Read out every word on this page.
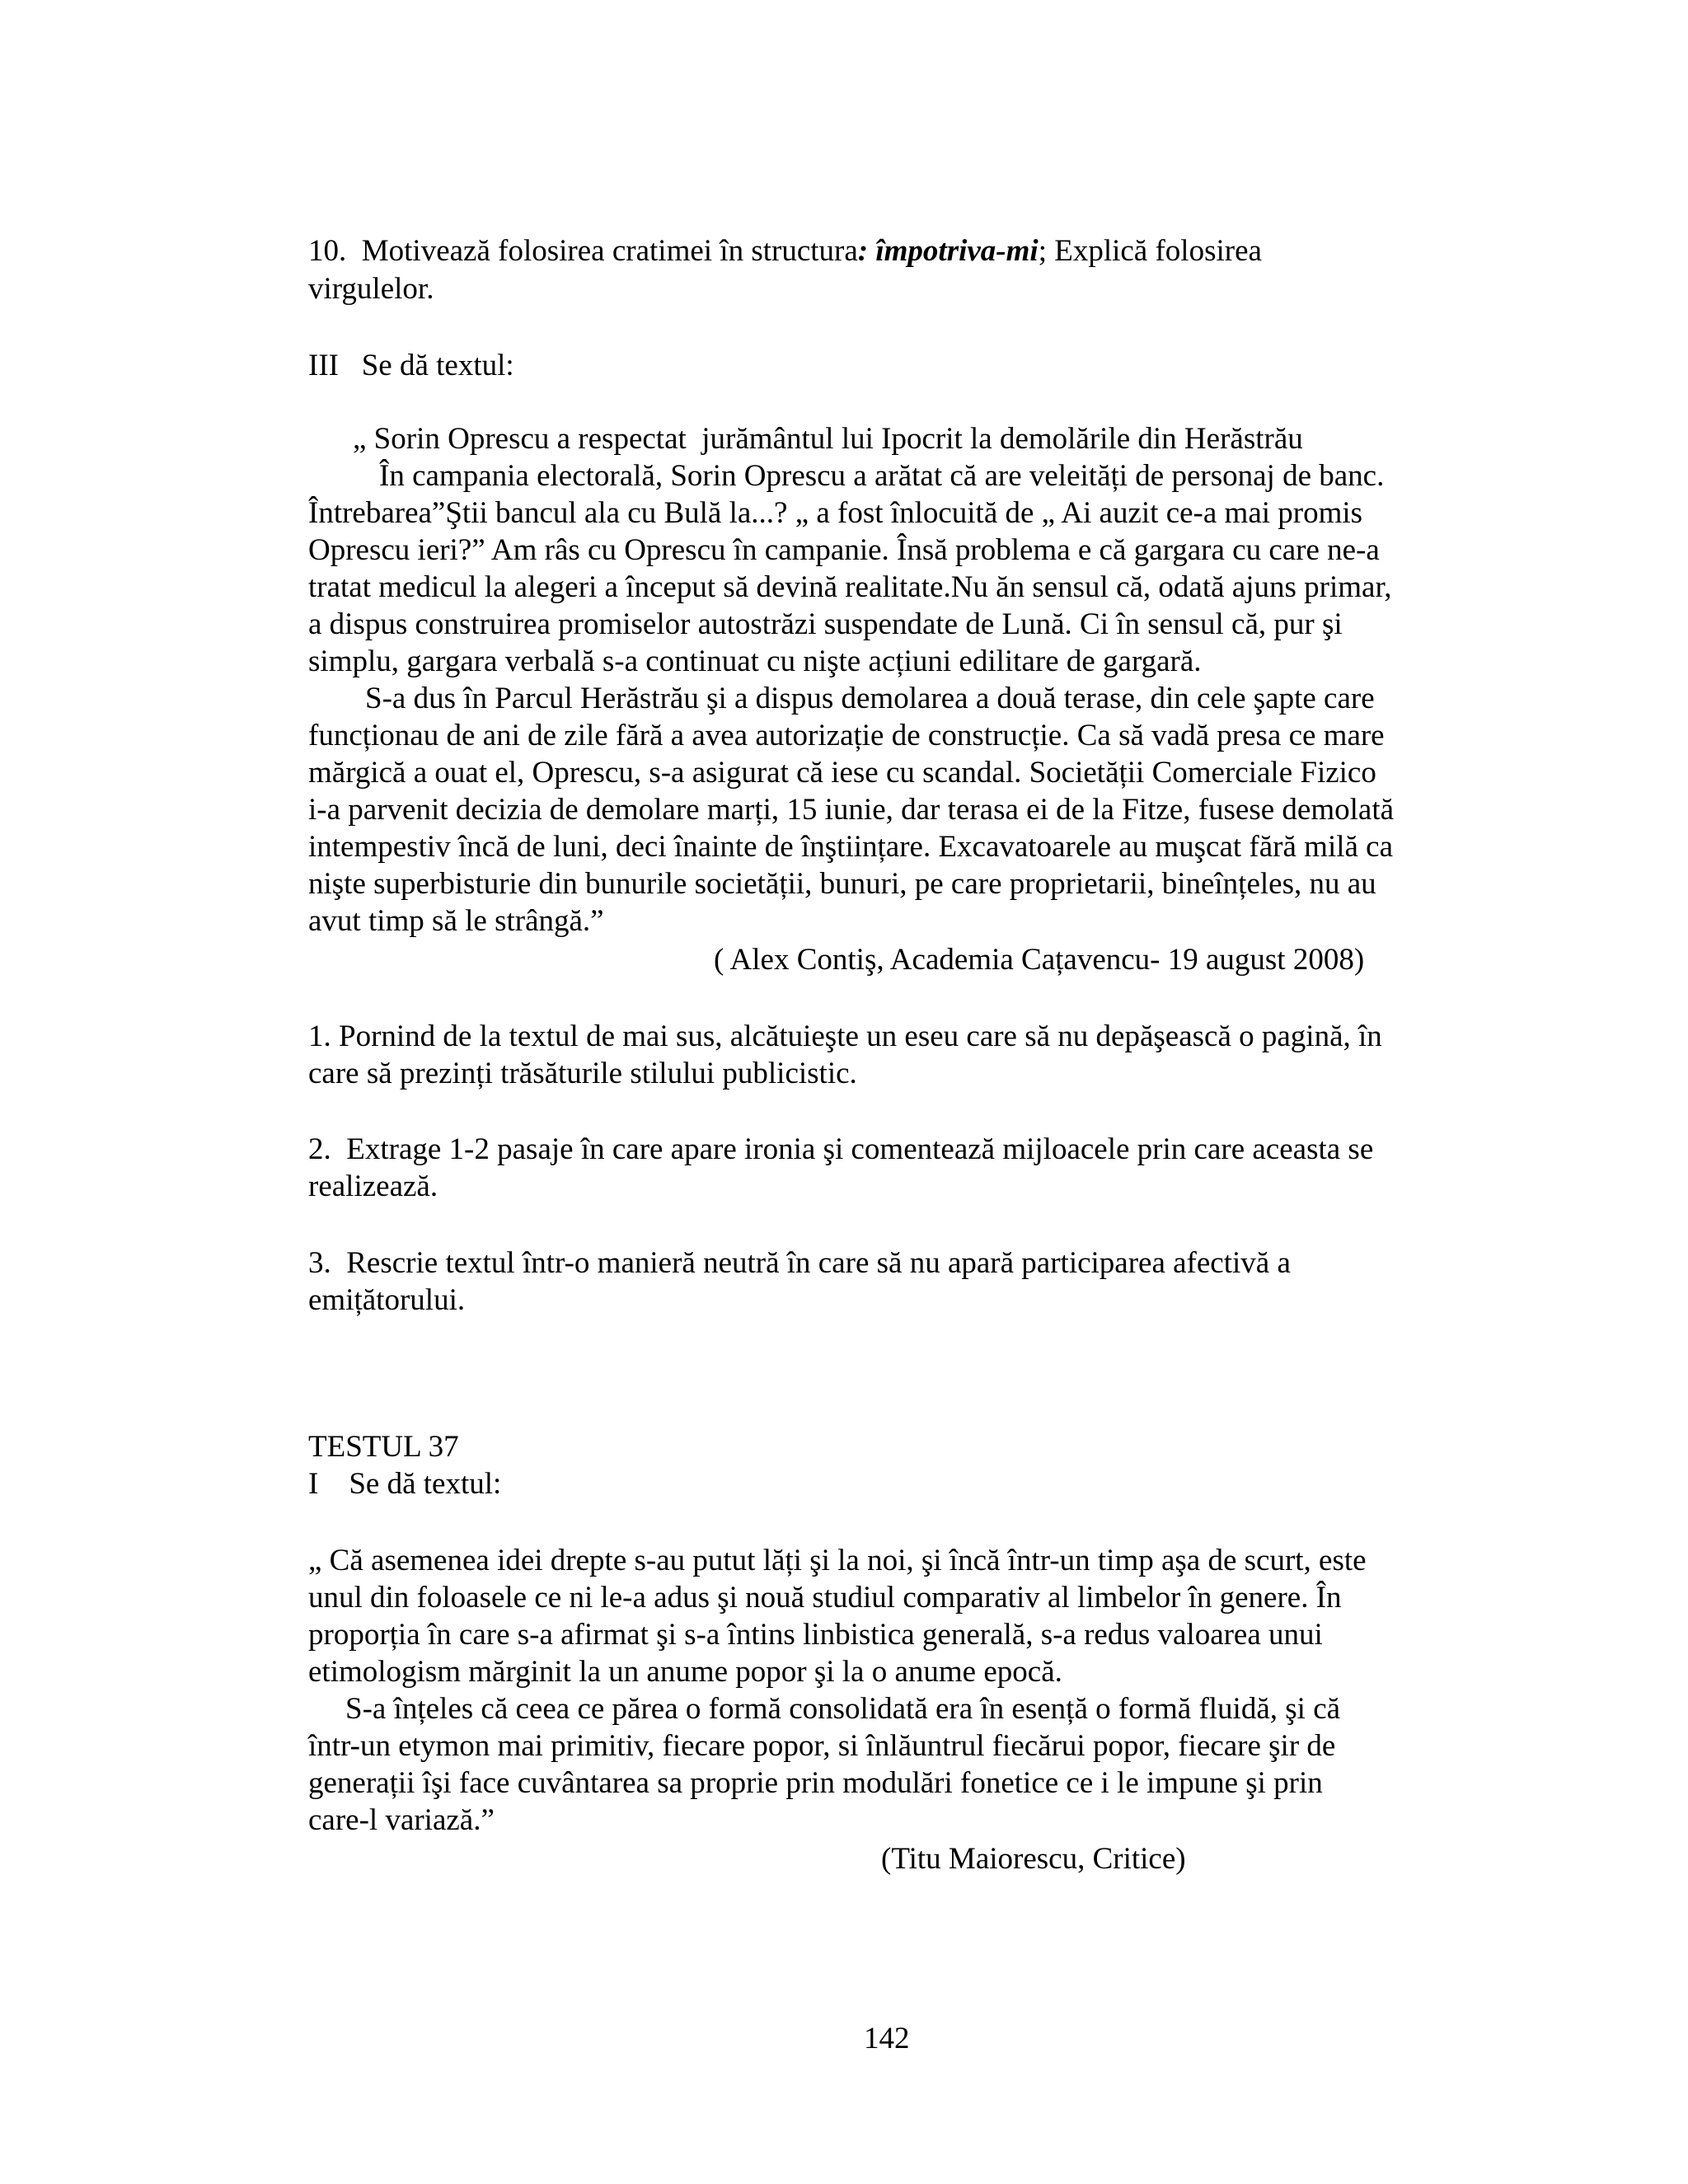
10.  Motivează folosirea cratimei în structura: împotriva-mi; Explică folosirea
virgulelor.
III   Se dă textul:
„ Sorin Oprescu a respectat  jurământul lui Ipocrit la demolările din Herăstrău
În campania electorală, Sorin Oprescu a arătat că are veleități de personaj de banc.
Întrebarea”Ştii bancul ala cu Bulă la...? „ a fost înlocuită de „ Ai auzit ce-a mai promis
Oprescu ieri?” Am râs cu Oprescu în campanie. Însă problema e că gargara cu care ne-a
tratat medicul la alegeri a început să devină realitate.Nu ăn sensul că, odată ajuns primar,
a dispus construirea promiselor autostrăzi suspendate de Lună. Ci în sensul că, pur şi
simplu, gargara verbală s-a continuat cu nişte acțiuni edilitare de gargară.
S-a dus în Parcul Herăstrău şi a dispus demolarea a două terase, din cele şapte care
funcționau de ani de zile fără a avea autorizație de construcție. Ca să vadă presa ce mare
mărgică a ouat el, Oprescu, s-a asigurat că iese cu scandal. Societății Comerciale Fizico
i-a parvenit decizia de demolare marți, 15 iunie, dar terasa ei de la Fitze, fusese demolată
intempestiv încă de luni, deci înainte de înştiințare. Excavatoarele au muşcat fără milă ca
nişte superbisturie din bunurile societății, bunuri, pe care proprietarii, bineînțeles, nu au
avut timp să le strângă.”
( Alex Contiş, Academia Cațavencu- 19 august 2008)
1. Pornind de la textul de mai sus, alcătuieşte un eseu care să nu depăşească o pagină, în
care să prezinți trăsăturile stilului publicistic.
2.  Extrage 1-2 pasaje în care apare ironia şi comentează mijloacele prin care aceasta se
realizează.
3.  Rescrie textul într-o manieră neutră în care să nu apară participarea afectivă a
emițătorului.
TESTUL 37
I    Se dă textul:
„ Că asemenea idei drepte s-au putut lăți şi la noi, şi încă într-un timp aşa de scurt, este
unul din foloasele ce ni le-a adus şi nouă studiul comparativ al limbelor în genere. În
proporția în care s-a afirmat şi s-a întins linbistica generală, s-a redus valoarea unui
etimologism mărginit la un anume popor şi la o anume epocă.
S-a înțeles că ceea ce părea o formă consolidată era în esență o formă fluidă, şi că
într-un etymon mai primitiv, fiecare popor, si înlăuntrul fiecărui popor, fiecare şir de
generații îşi face cuvântarea sa proprie prin modulări fonetice ce i le impune şi prin
care-l variază.”
(Titu Maiorescu, Critice)
142
